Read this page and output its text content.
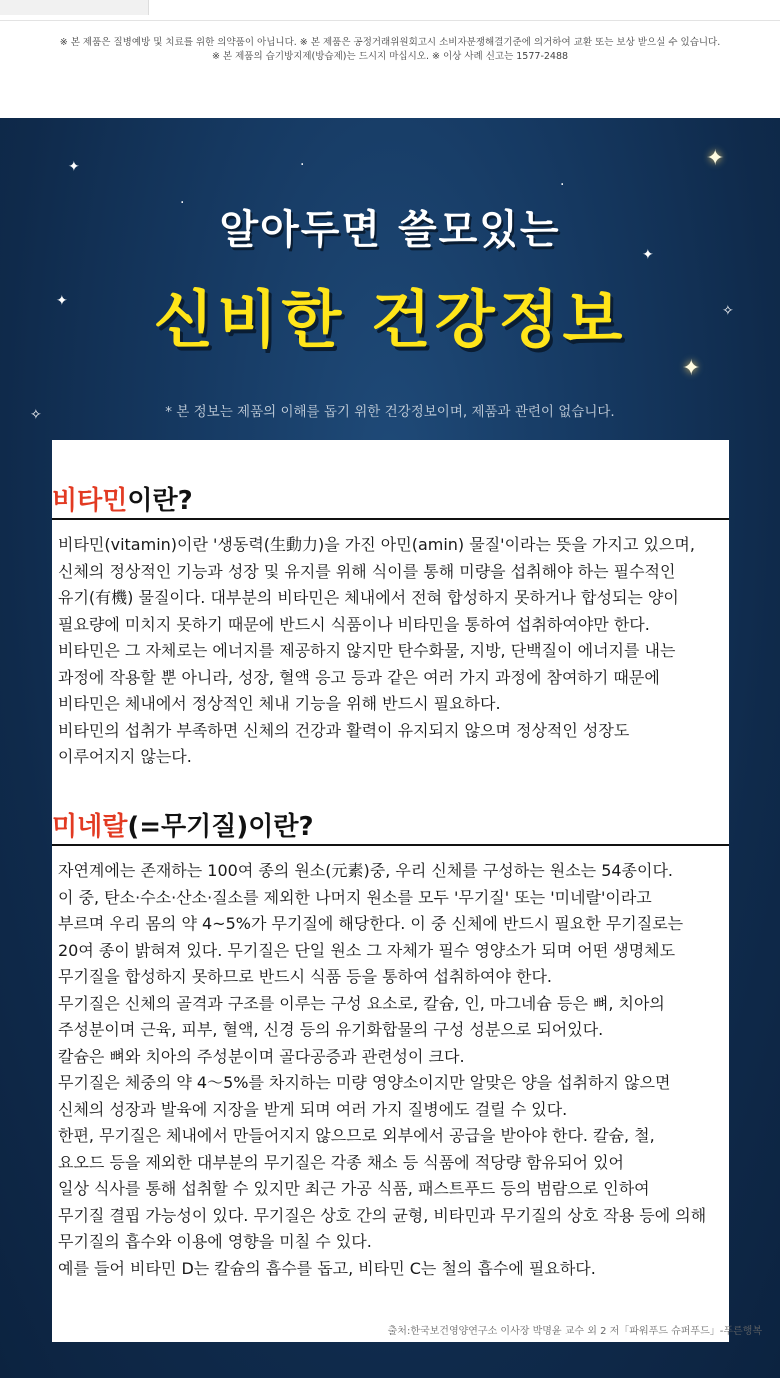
※ 본 제품은 질병예방 및 치료를 위한 의약품이 아닙니다. ※ 본 제품은 공정거래위원회고시 소비자분쟁해결기준에 의거하여 교환 또는 보상 받으실 수 있습니다.
※ 본 제품의 습기방지제(방습제)는 드시지 마십시오. ※ 이상 사례 신고는 1577-2488
✦
✦
✦
·
✦
✦
✧
✧
·
·
알아두면 쓸모있는
신비한 건강정보
* 본 정보는 제품의 이해를 돕기 위한 건강정보이며, 제품과 관련이 없습니다.
비타민이란?
비타민(vitamin)이란 '생동력(生動力)을 가진 아민(amin) 물질'이라는 뜻을 가지고 있으며,
신체의 정상적인 기능과 성장 및 유지를 위해 식이를 통해 미량을 섭취해야 하는 필수적인
유기(有機) 물질이다. 대부분의 비타민은 체내에서 전혀 합성하지 못하거나 합성되는 양이
필요량에 미치지 못하기 때문에 반드시 식품이나 비타민을 통하여 섭취하여야만 한다.
비타민은 그 자체로는 에너지를 제공하지 않지만 탄수화물, 지방, 단백질이 에너지를 내는
과정에 작용할 뿐 아니라, 성장, 혈액 응고 등과 같은 여러 가지 과정에 참여하기 때문에
비타민은 체내에서 정상적인 체내 기능을 위해 반드시 필요하다.
비타민의 섭취가 부족하면 신체의 건강과 활력이 유지되지 않으며 정상적인 성장도
이루어지지 않는다.
미네랄(=무기질)이란?
자연계에는 존재하는 100여 종의 원소(元素)중, 우리 신체를 구성하는 원소는 54종이다.
이 중, 탄소·수소·산소·질소를 제외한 나머지 원소를 모두 '무기질' 또는 '미네랄'이라고
부르며 우리 몸의 약 4~5%가 무기질에 해당한다. 이 중 신체에 반드시 필요한 무기질로는
20여 종이 밝혀져 있다. 무기질은 단일 원소 그 자체가 필수 영양소가 되며 어떤 생명체도
무기질을 합성하지 못하므로 반드시 식품 등을 통하여 섭취하여야 한다.
무기질은 신체의 골격과 구조를 이루는 구성 요소로, 칼슘, 인, 마그네슘 등은 뼈, 치아의
주성분이며 근육, 피부, 혈액, 신경 등의 유기화합물의 구성 성분으로 되어있다.
칼슘은 뼈와 치아의 주성분이며 골다공증과 관련성이 크다.
무기질은 체중의 약 4～5%를 차지하는 미량 영양소이지만 알맞은 양을 섭취하지 않으면
신체의 성장과 발육에 지장을 받게 되며 여러 가지 질병에도 걸릴 수 있다.
한편, 무기질은 체내에서 만들어지지 않으므로 외부에서 공급을 받아야 한다. 칼슘, 철,
요오드 등을 제외한 대부분의 무기질은 각종 채소 등 식품에 적당량 함유되어 있어
일상 식사를 통해 섭취할 수 있지만 최근 가공 식품, 패스트푸드 등의 범람으로 인하여
무기질 결핍 가능성이 있다. 무기질은 상호 간의 균형, 비타민과 무기질의 상호 작용 등에 의해
무기질의 흡수와 이용에 영향을 미칠 수 있다.
예를 들어 비타민 D는 칼슘의 흡수를 돕고, 비타민 C는 철의 흡수에 필요하다.
출처:한국보건영양연구소 이사장 박명윤 교수 외 2 저「파워푸드 슈퍼푸드」-푸른행복
